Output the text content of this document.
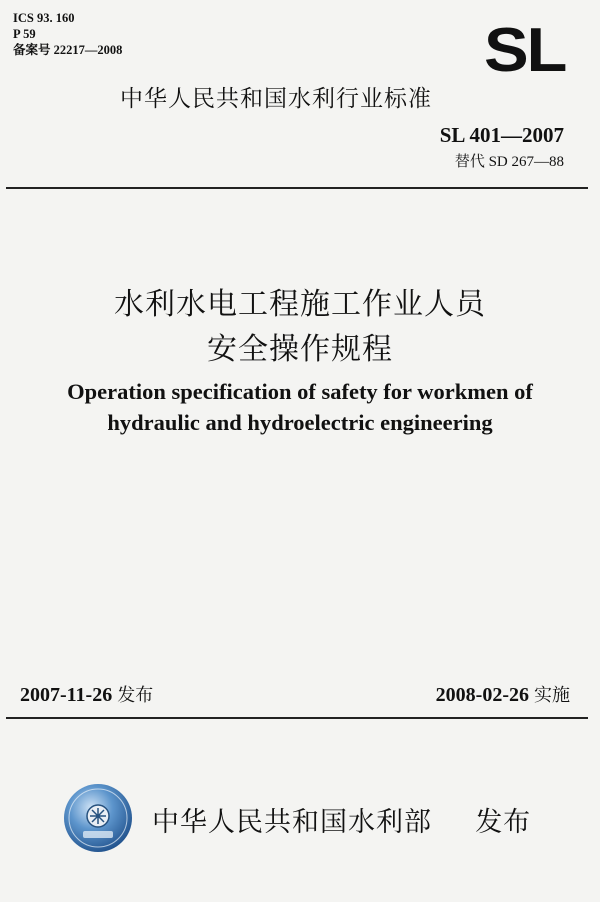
ICS 93. 160
P 59
备案号 22217—2008	SL
中华人民共和国水利行业标准
SL 401—2007
替代 SD 267—88
水利水电工程施工作业人员
安全操作规程
Operation specification of safety for workmen of
hydraulic and hydroelectric engineering
2007-11-26 发布	2008-02-26 实施
中华人民共和国水利部 发布
